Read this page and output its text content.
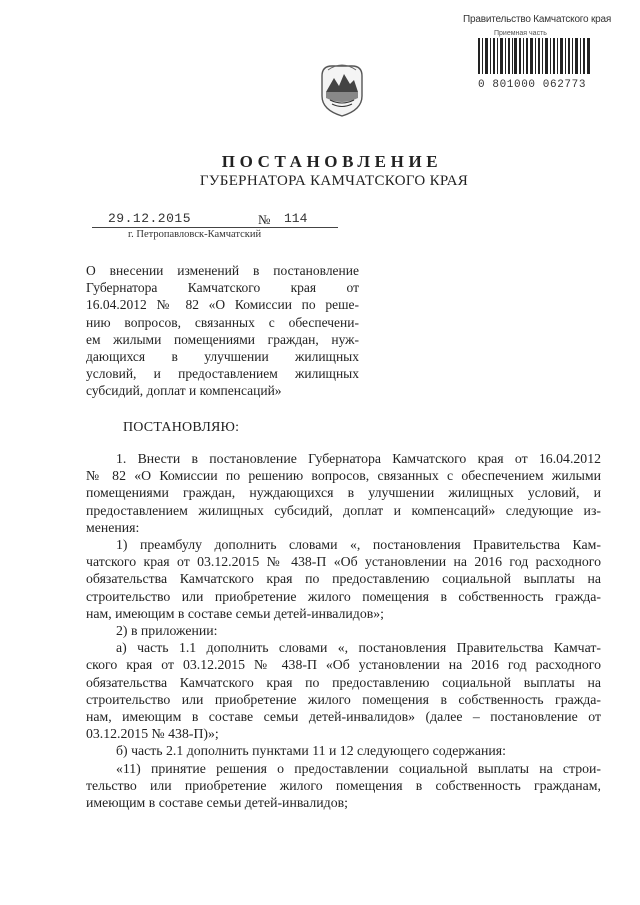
Правительство Камчатского края
Приемная часть
0 801000 062773
ПОСТАНОВЛЕНИЕ
ГУБЕРНАТОРА КАМЧАТСКОГО КРАЯ
29.12.2015	№ 114
г. Петропавловск-Камчатский
О внесении изменений в постановление
Губернатора Камчатского края от
16.04.2012 № 82 «О Комиссии по реше-
нию вопросов, связанных с обеспечени-
ем жилыми помещениями граждан, нуж-
дающихся в улучшении жилищных
условий, и предоставлением жилищных
субсидий, доплат и компенсаций»
ПОСТАНОВЛЯЮ:
1. Внести в постановление Губернатора Камчатского края от 16.04.2012
№ 82 «О Комиссии по решению вопросов, связанных с обеспечением жилыми
помещениями граждан, нуждающихся в улучшении жилищных условий, и
предоставлением жилищных субсидий, доплат и компенсаций» следующие из-
менения:
1) преамбулу дополнить словами «, постановления Правительства Кам-
чатского края от 03.12.2015 № 438-П «Об установлении на 2016 год расходного
обязательства Камчатского края по предоставлению социальной выплаты на
строительство или приобретение жилого помещения в собственность гражда-
нам, имеющим в составе семьи детей-инвалидов»;
2) в приложении:
а) часть 1.1 дополнить словами «, постановления Правительства Камчат-
ского края от 03.12.2015 № 438-П «Об установлении на 2016 год расходного
обязательства Камчатского края по предоставлению социальной выплаты на
строительство или приобретение жилого помещения в собственность гражда-
нам, имеющим в составе семьи детей-инвалидов» (далее – постановление от
03.12.2015 № 438-П)»;
б) часть 2.1 дополнить пунктами 11 и 12 следующего содержания:
«11) принятие решения о предоставлении социальной выплаты на строи-
тельство или приобретение жилого помещения в собственность гражданам,
имеющим в составе семьи детей-инвалидов;
